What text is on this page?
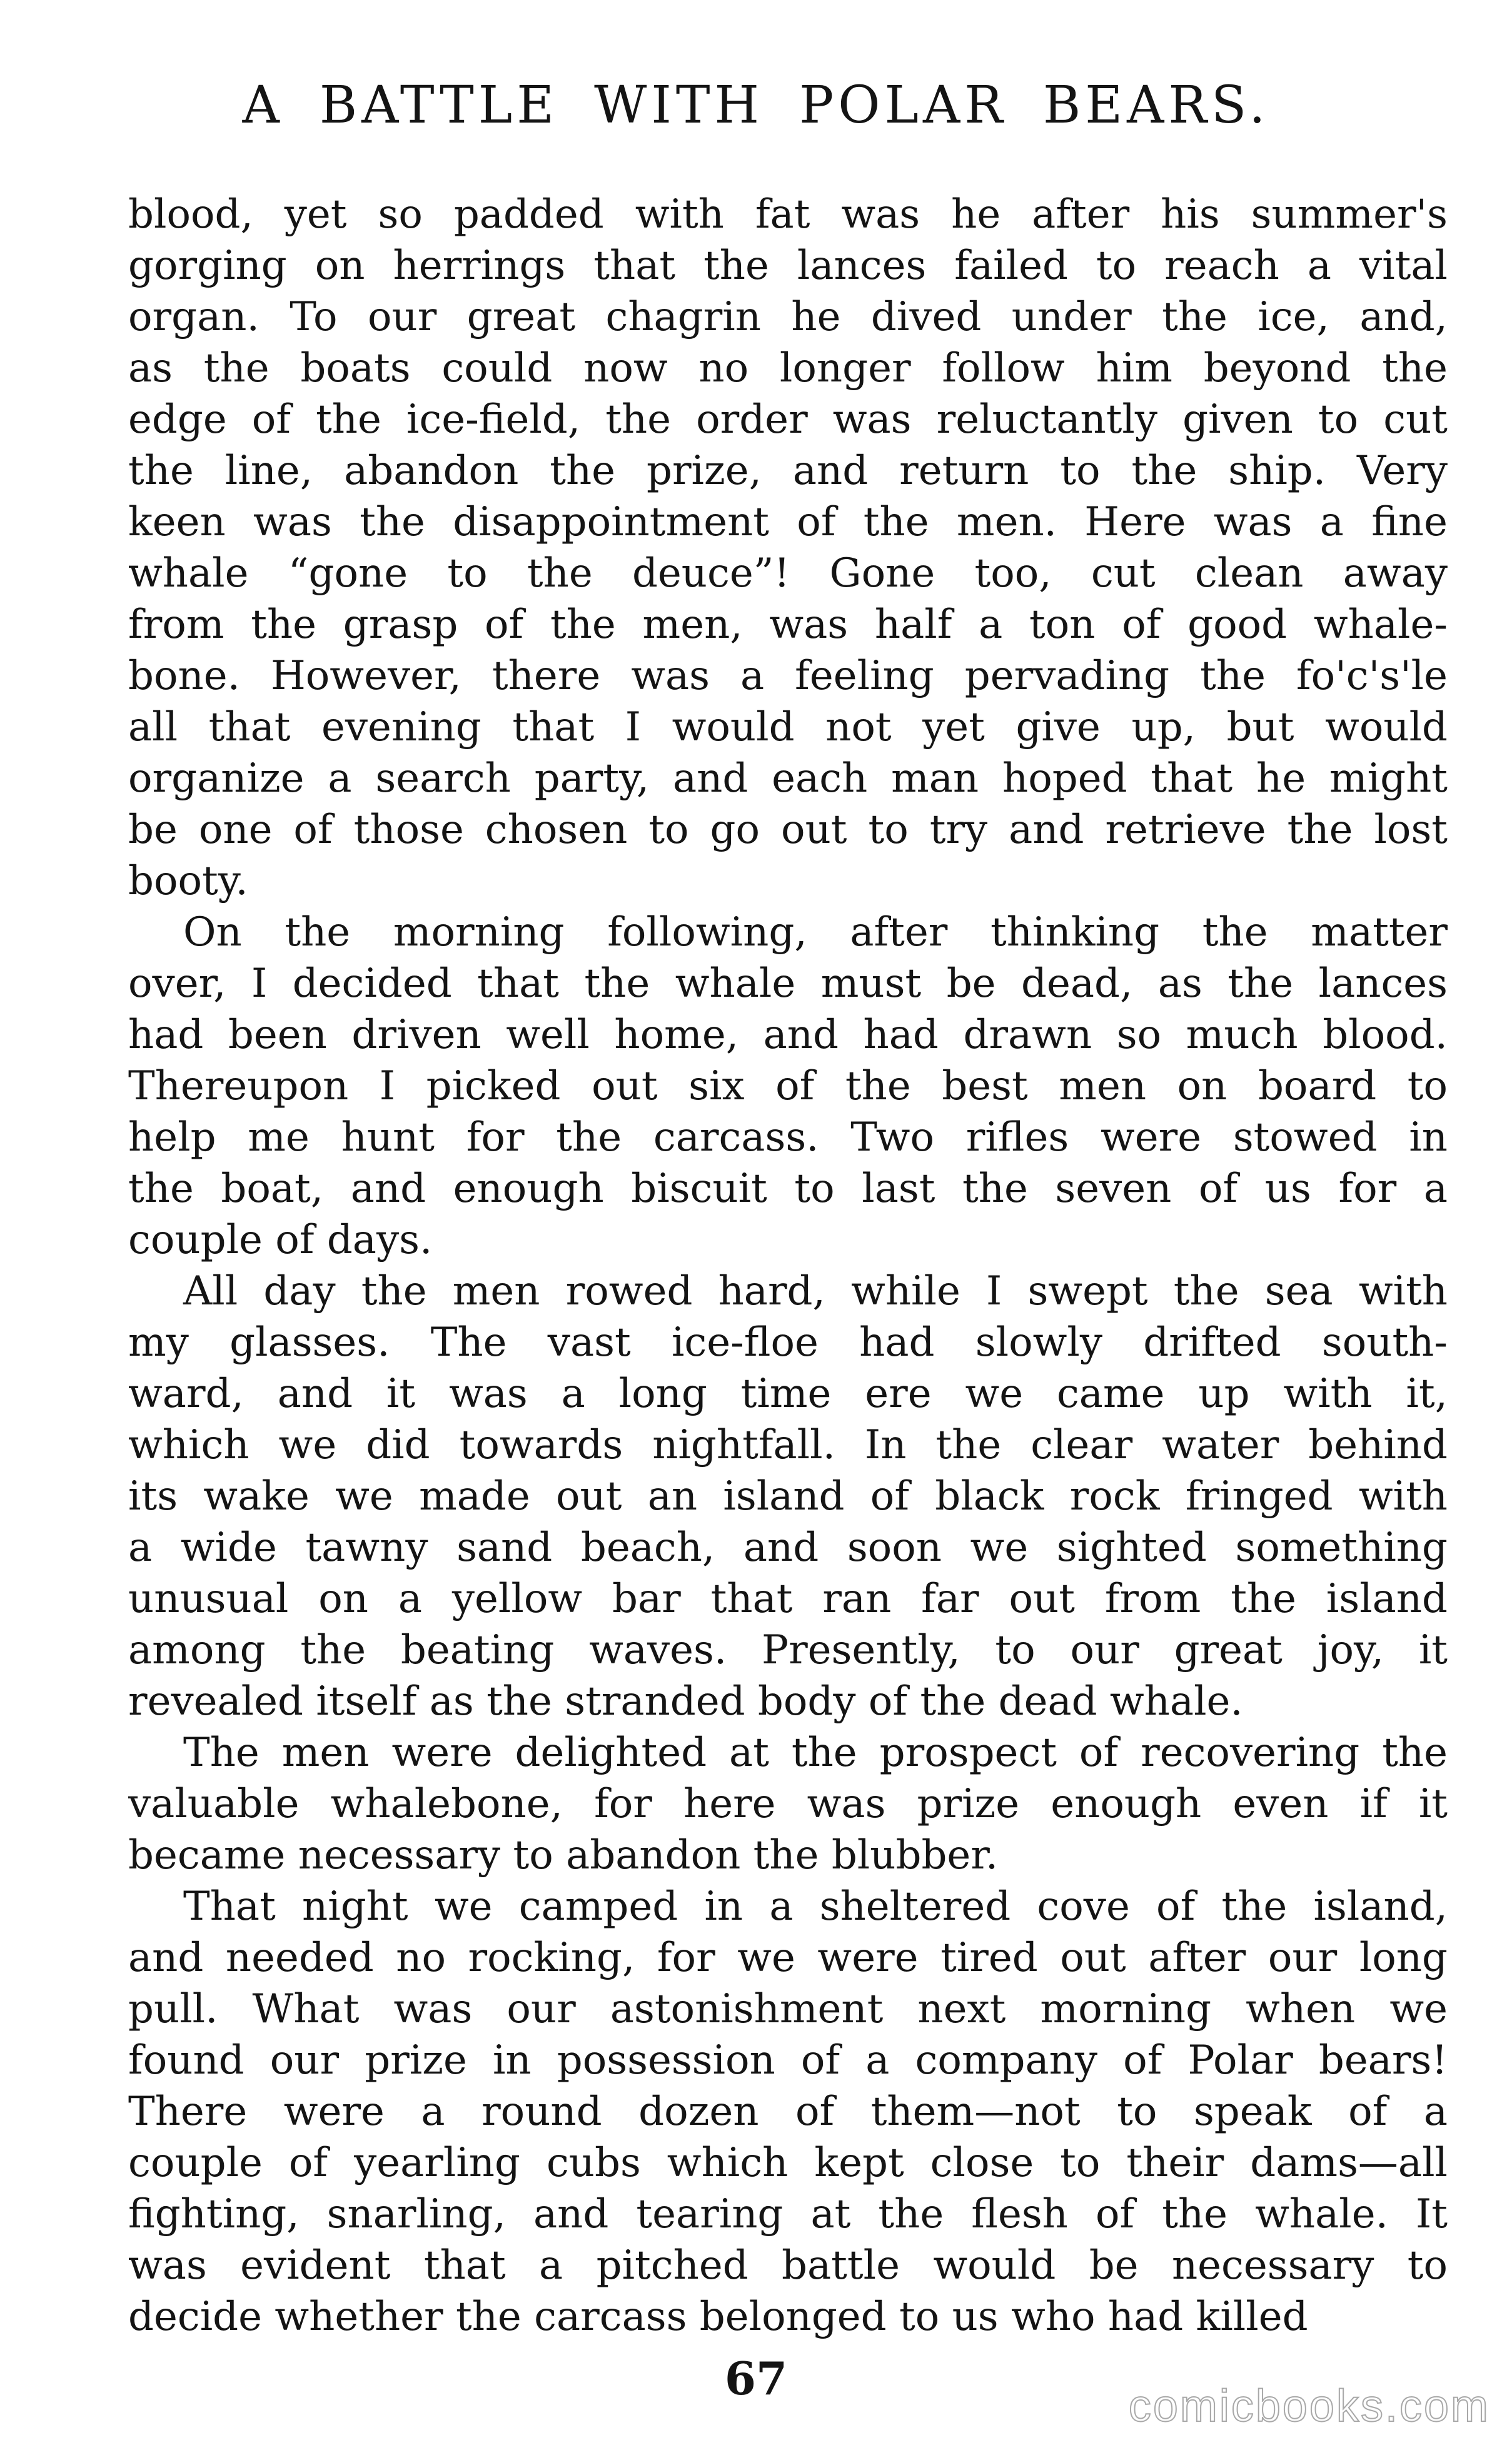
A BATTLE WITH POLAR BEARS.
blood, yet so padded with fat was he after his summer's
gorging on herrings that the lances failed to reach a vital
organ. To our great chagrin he dived under the ice, and,
as the boats could now no longer follow him beyond the
edge of the ice-field, the order was reluctantly given to cut
the line, abandon the prize, and return to the ship. Very
keen was the disappointment of the men. Here was a fine
whale “gone to the deuce”! Gone too, cut clean away
from the grasp of the men, was half a ton of good whale-
bone. However, there was a feeling pervading the fo'c's'le
all that evening that I would not yet give up, but would
organize a search party, and each man hoped that he might
be one of those chosen to go out to try and retrieve the lost
booty.
On the morning following, after thinking the matter
over, I decided that the whale must be dead, as the lances
had been driven well home, and had drawn so much blood.
Thereupon I picked out six of the best men on board to
help me hunt for the carcass. Two rifles were stowed in
the boat, and enough biscuit to last the seven of us for a
couple of days.
All day the men rowed hard, while I swept the sea with
my glasses. The vast ice-floe had slowly drifted south-
ward, and it was a long time ere we came up with it,
which we did towards nightfall. In the clear water behind
its wake we made out an island of black rock fringed with
a wide tawny sand beach, and soon we sighted something
unusual on a yellow bar that ran far out from the island
among the beating waves. Presently, to our great joy, it
revealed itself as the stranded body of the dead whale.
The men were delighted at the prospect of recovering the
valuable whalebone, for here was prize enough even if it
became necessary to abandon the blubber.
That night we camped in a sheltered cove of the island,
and needed no rocking, for we were tired out after our long
pull. What was our astonishment next morning when we
found our prize in possession of a company of Polar bears!
There were a round dozen of them—not to speak of a
couple of yearling cubs which kept close to their dams—all
fighting, snarling, and tearing at the flesh of the whale. It
was evident that a pitched battle would be necessary to
decide whether the carcass belonged to us who had killed
67
comicbooks.com
